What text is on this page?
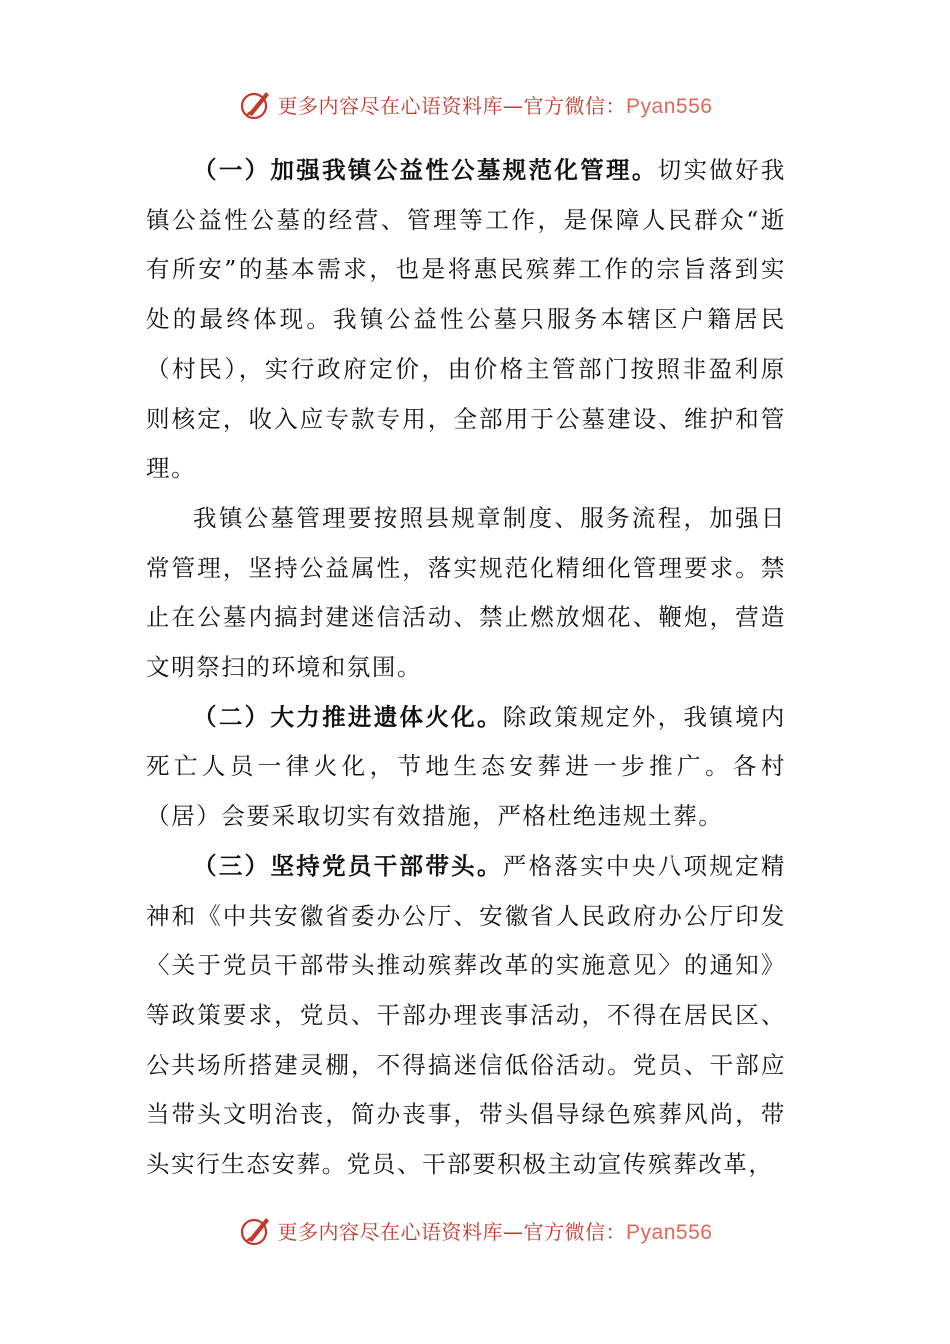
更多内容尽在心语资料库—官方微信：Pyan556

（一）加强我镇公益性公墓规范化管理。切实做好我镇公益性公墓的经营、管理等工作，是保障人民群众“逝有所安”的基本需求，也是将惠民殡葬工作的宗旨落到实处的最终体现。我镇公益性公墓只服务本辖区户籍居民（村民），实行政府定价，由价格主管部门按照非盈利原则核定，收入应专款专用，全部用于公墓建设、维护和管理。

我镇公墓管理要按照县规章制度、服务流程，加强日常管理，坚持公益属性，落实规范化精细化管理要求。禁止在公墓内搞封建迷信活动、禁止燃放烟花、鞭炮，营造文明祭扫的环境和氛围。

（二）大力推进遗体火化。除政策规定外，我镇境内死亡人员一律火化，节地生态安葬进一步推广。各村（居）会要采取切实有效措施，严格杜绝违规土葬。

（三）坚持党员干部带头。严格落实中央八项规定精神和《中共安徽省委办公厅、安徽省人民政府办公厅印发〈关于党员干部带头推动殡葬改革的实施意见〉的通知》等政策要求，党员、干部办理丧事活动，不得在居民区、公共场所搭建灵棚，不得搞迷信低俗活动。党员、干部应当带头文明治丧，简办丧事，带头倡导绿色殡葬风尚，带头实行生态安葬。党员、干部要积极主动宣传殡葬改革，

更多内容尽在心语资料库—官方微信：Pyan556
